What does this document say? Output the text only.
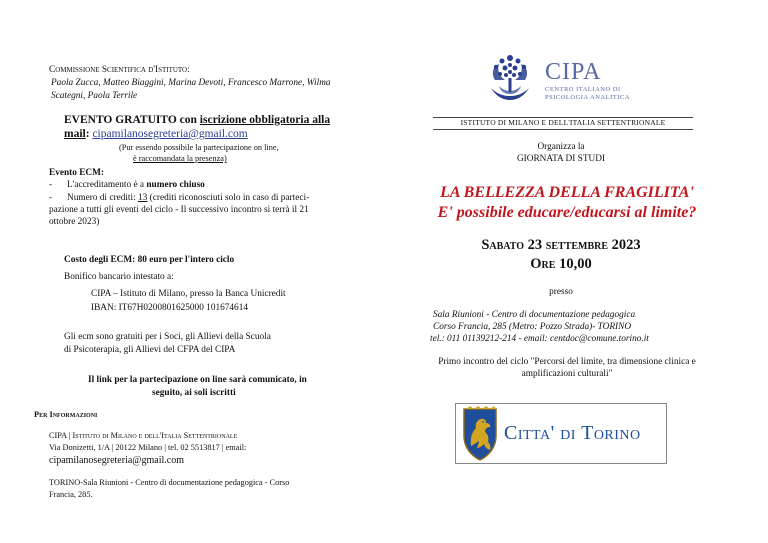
Commissione Scientifica d'Istituto:
Paola Zucca, Matteo Biaggini, Marina Devoti, Francesco Marrone, Wilma
Scategni, Paola Terrile
EVENTO GRATUITO con iscrizione obbligatoria alla
mail: cipamilanosegreteria@gmail.com
(Pur essendo possibile la partecipazione on line,
è raccomandata la presenza)
Evento ECM:
- L'accreditamento è a numero chiuso
- Numero di crediti: 13 (crediti riconosciuti solo in caso di parteci-
pazione a tutti gli eventi del ciclo - Il successivo incontro si terrà il 21
ottobre 2023)
Costo degli ECM: 80 euro per l'intero ciclo
Bonifico bancario intestato a:
CIPA – Istituto di Milano, presso la Banca Unicredit
IBAN: IT67H0200801625000 101674614
Gli ecm sono gratuiti per i Soci, gli Allievi della Scuola
di Psicoterapia, gli Allievi del CFPA del CIPA
Il link per la partecipazione on line sarà comunicato, in
seguito, ai soli iscritti
Per Informazioni
CIPA | Istituto di Milano e dell'Italia Settentrionale
Via Donizetti, 1/A | 20122 Milano | tel. 02 5513817 | email:
cipamilanosegreteria@gmail.com
TORINO-Sala Riunioni - Centro di documentazione pedagogica - Corso
Francia, 285.
CIPA
CENTRO ITALIANO DI
PSICOLOGIA ANALITICA
ISTITUTO DI MILANO E DELL'ITALIA SETTENTRIONALE
Organizza la
GIORNATA DI STUDI
LA BELLEZZA DELLA FRAGILITA'
E' possibile educare/educarsi al limite?
Sabato 23 settembre 2023
Ore 10,00
presso
Sala Riunioni - Centro di documentazione pedagogica
Corso Francia, 285 (Metro: Pozzo Strada)- TORINO
tel.: 011 01139212-214 - email: centdoc@comune.torino.it
Primo incontro del ciclo "Percorsi del limite, tra dimensione clinica e
amplificazioni culturali"
Citta' di Torino
